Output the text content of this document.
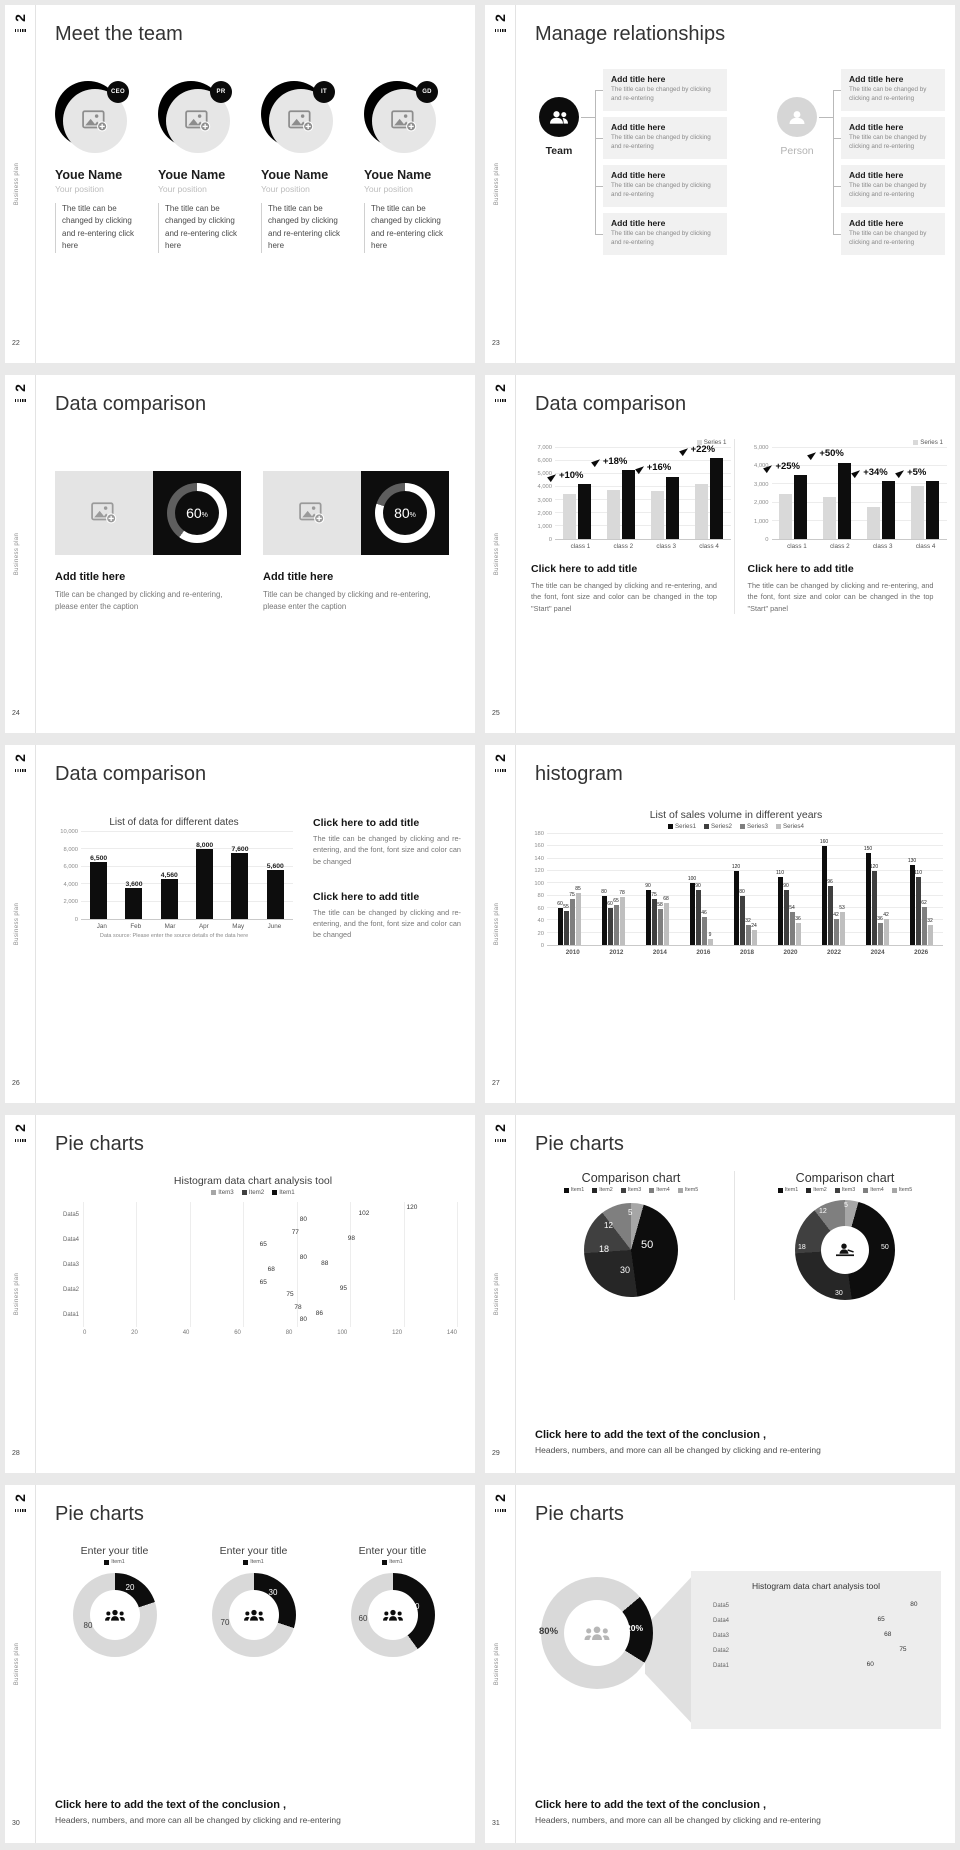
2
Business plan
22
Meet the team
CEO
Youe Name
Your position
The title can be changed by clicking and re-entering click here
PR
Youe Name
Your position
The title can be changed by clicking and re-entering click here
IT
Youe Name
Your position
The title can be changed by clicking and re-entering click here
GD
Youe Name
Your position
The title can be changed by clicking and re-entering click here
2
Business plan
23
Manage relationships
Team
Add title here
The title can be changed by clicking and re-entering
Add title here
The title can be changed by clicking and re-entering
Add title here
The title can be changed by clicking and re-entering
Add title here
The title can be changed by clicking and re-entering
Person
Add title here
The title can be changed by clicking and re-entering
Add title here
The title can be changed by clicking and re-entering
Add title here
The title can be changed by clicking and re-entering
Add title here
The title can be changed by clicking and re-entering
2
Business plan
24
Data comparison
60 %
Add title here
Title can be changed by clicking and re-entering, please enter the caption
80 %
Add title here
Title can be changed by clicking and re-entering, please enter the caption
2
Business plan
25
Data comparison
Series 1
7,000
6,000
5,000
4,000
3,000
2,000
1,000
0
+10%
+18%
+16%
+22%
class 1	class 2	class 3	class 4
Click here to add title
The title can be changed by clicking and re-entering, and the font, font size and color can be changed in the top "Start" panel
Series 1
5,000
4,000
3,000
2,000
1,000
0
+25%
+50%
+34% +5%
class 1	class 2	class 3	class 4
Click here to add title
The title can be changed by clicking and re-entering, and the font, font size and color can be changed in the top "Start" panel
2
Business plan
26
Data comparison
List of data for different dates
10,000
8,000
6,000
4,000
2,000
0
6,500
3,600
4,560
8,000	7,600
5,600
Jan	Feb	Mar	Apr	May	June
Data source: Please enter the source details of the data here
Click here to add title
The title can be changed by clicking and re-entering, and the font, font size and color can be changed
Click here to add title
The title can be changed by clicking and re-entering, and the font, font size and color can be changed
2
Business plan
27
histogram
List of sales volume in different years
Series1	Series2	Series3	Series4
180
160
140
120
100
80
60
40
20
0
60
55
75
85
80
60
65
78
90
75
58
68
100
90
46
9
120
80
32
24
110
90
54
36
160
96
42
53
150
120
36
42
130
110
62
32
2010	2012	2014	2016	2018	2020	2022	2024	2026
2
Business plan
28
Pie charts
Histogram data chart analysis tool
Item3	Item2	Item1
Data5
120
102
80
Data4
77
98
65
Data3
80
88
68
Data2
65
95
75
Data1
78
86
80
0	20	40	60	80	100	120	140
2
Business plan
29
Pie charts
Comparison chart
Item1	Item2	Item3	Item4	Item5
50
30
18
12
5
Comparison chart
Item1	Item2	Item3	Item4	Item5
50
30
18
12
5
Click here to add the text of the conclusion ,
Headers, numbers, and more can all be changed by clicking and re-entering
2
Business plan
30
Pie charts
Enter your title
Item1
20
80
Enter your title
Item1
30
70
Enter your title
Item1
40
60
Click here to add the text of the conclusion ,
Headers, numbers, and more can all be changed by clicking and re-entering
2
Business plan
31
Pie charts
20%
80%
Histogram data chart analysis tool
Data5	80
Data4	65
Data3	68
Data2	75
Data1	60
Click here to add the text of the conclusion ,
Headers, numbers, and more can all be changed by clicking and re-entering
